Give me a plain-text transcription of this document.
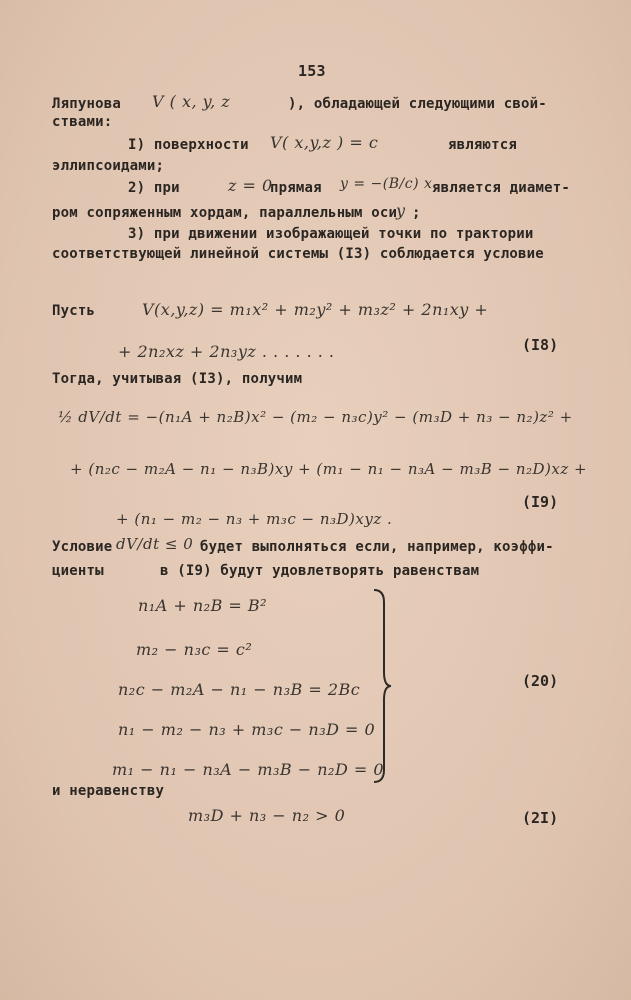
153
Ляпунова V ( x, y, z	), обладающей следующими свой-
ствами:
I) поверхности V( x,y,z ) = c	являются
эллипсоидами;
2) при	z = 0
прямая y = −(B/c) x является диамет-
ром сопряженным хордам, параллельным оси
y ;
3) при движении изображающей точки по трактории
соответствующей линейной системы (I3) соблюдается условие
Пусть	V(x,y,z) = m₁x² + m₂y² + m₃z² + 2n₁xy +
+ 2n₂xz + 2n₃yz . . . . . . .	(I8)
Тогда, учитывая (I3), получим
½ dV/dt = −(n₁A + n₂B)x² − (m₂ − n₃c)y² − (m₃D + n₃ − n₂)z² +
+ (n₂c − m₂A − n₁ − n₃B)xy + (m₁ − n₁ − n₃A − m₃B − n₂D)xz +
(I9)
+ (n₁ − m₂ − n₃ + m₃c − n₃D)xyz .
Условие dV/dt ≤ 0 будет выполняться если, например, коэффи-
циенты	в (I9) будут удовлетворять равенствам
n₁A + n₂B = B²
m₂ − n₃c = c²
n₂c − m₂A − n₁ − n₃B = 2Bc
n₁ − m₂ − n₃ + m₃c − n₃D = 0
m₁ − n₁ − n₃A − m₃B − n₂D = 0
(20)
и неравенству
m₃D + n₃ − n₂ > 0	(2I)
